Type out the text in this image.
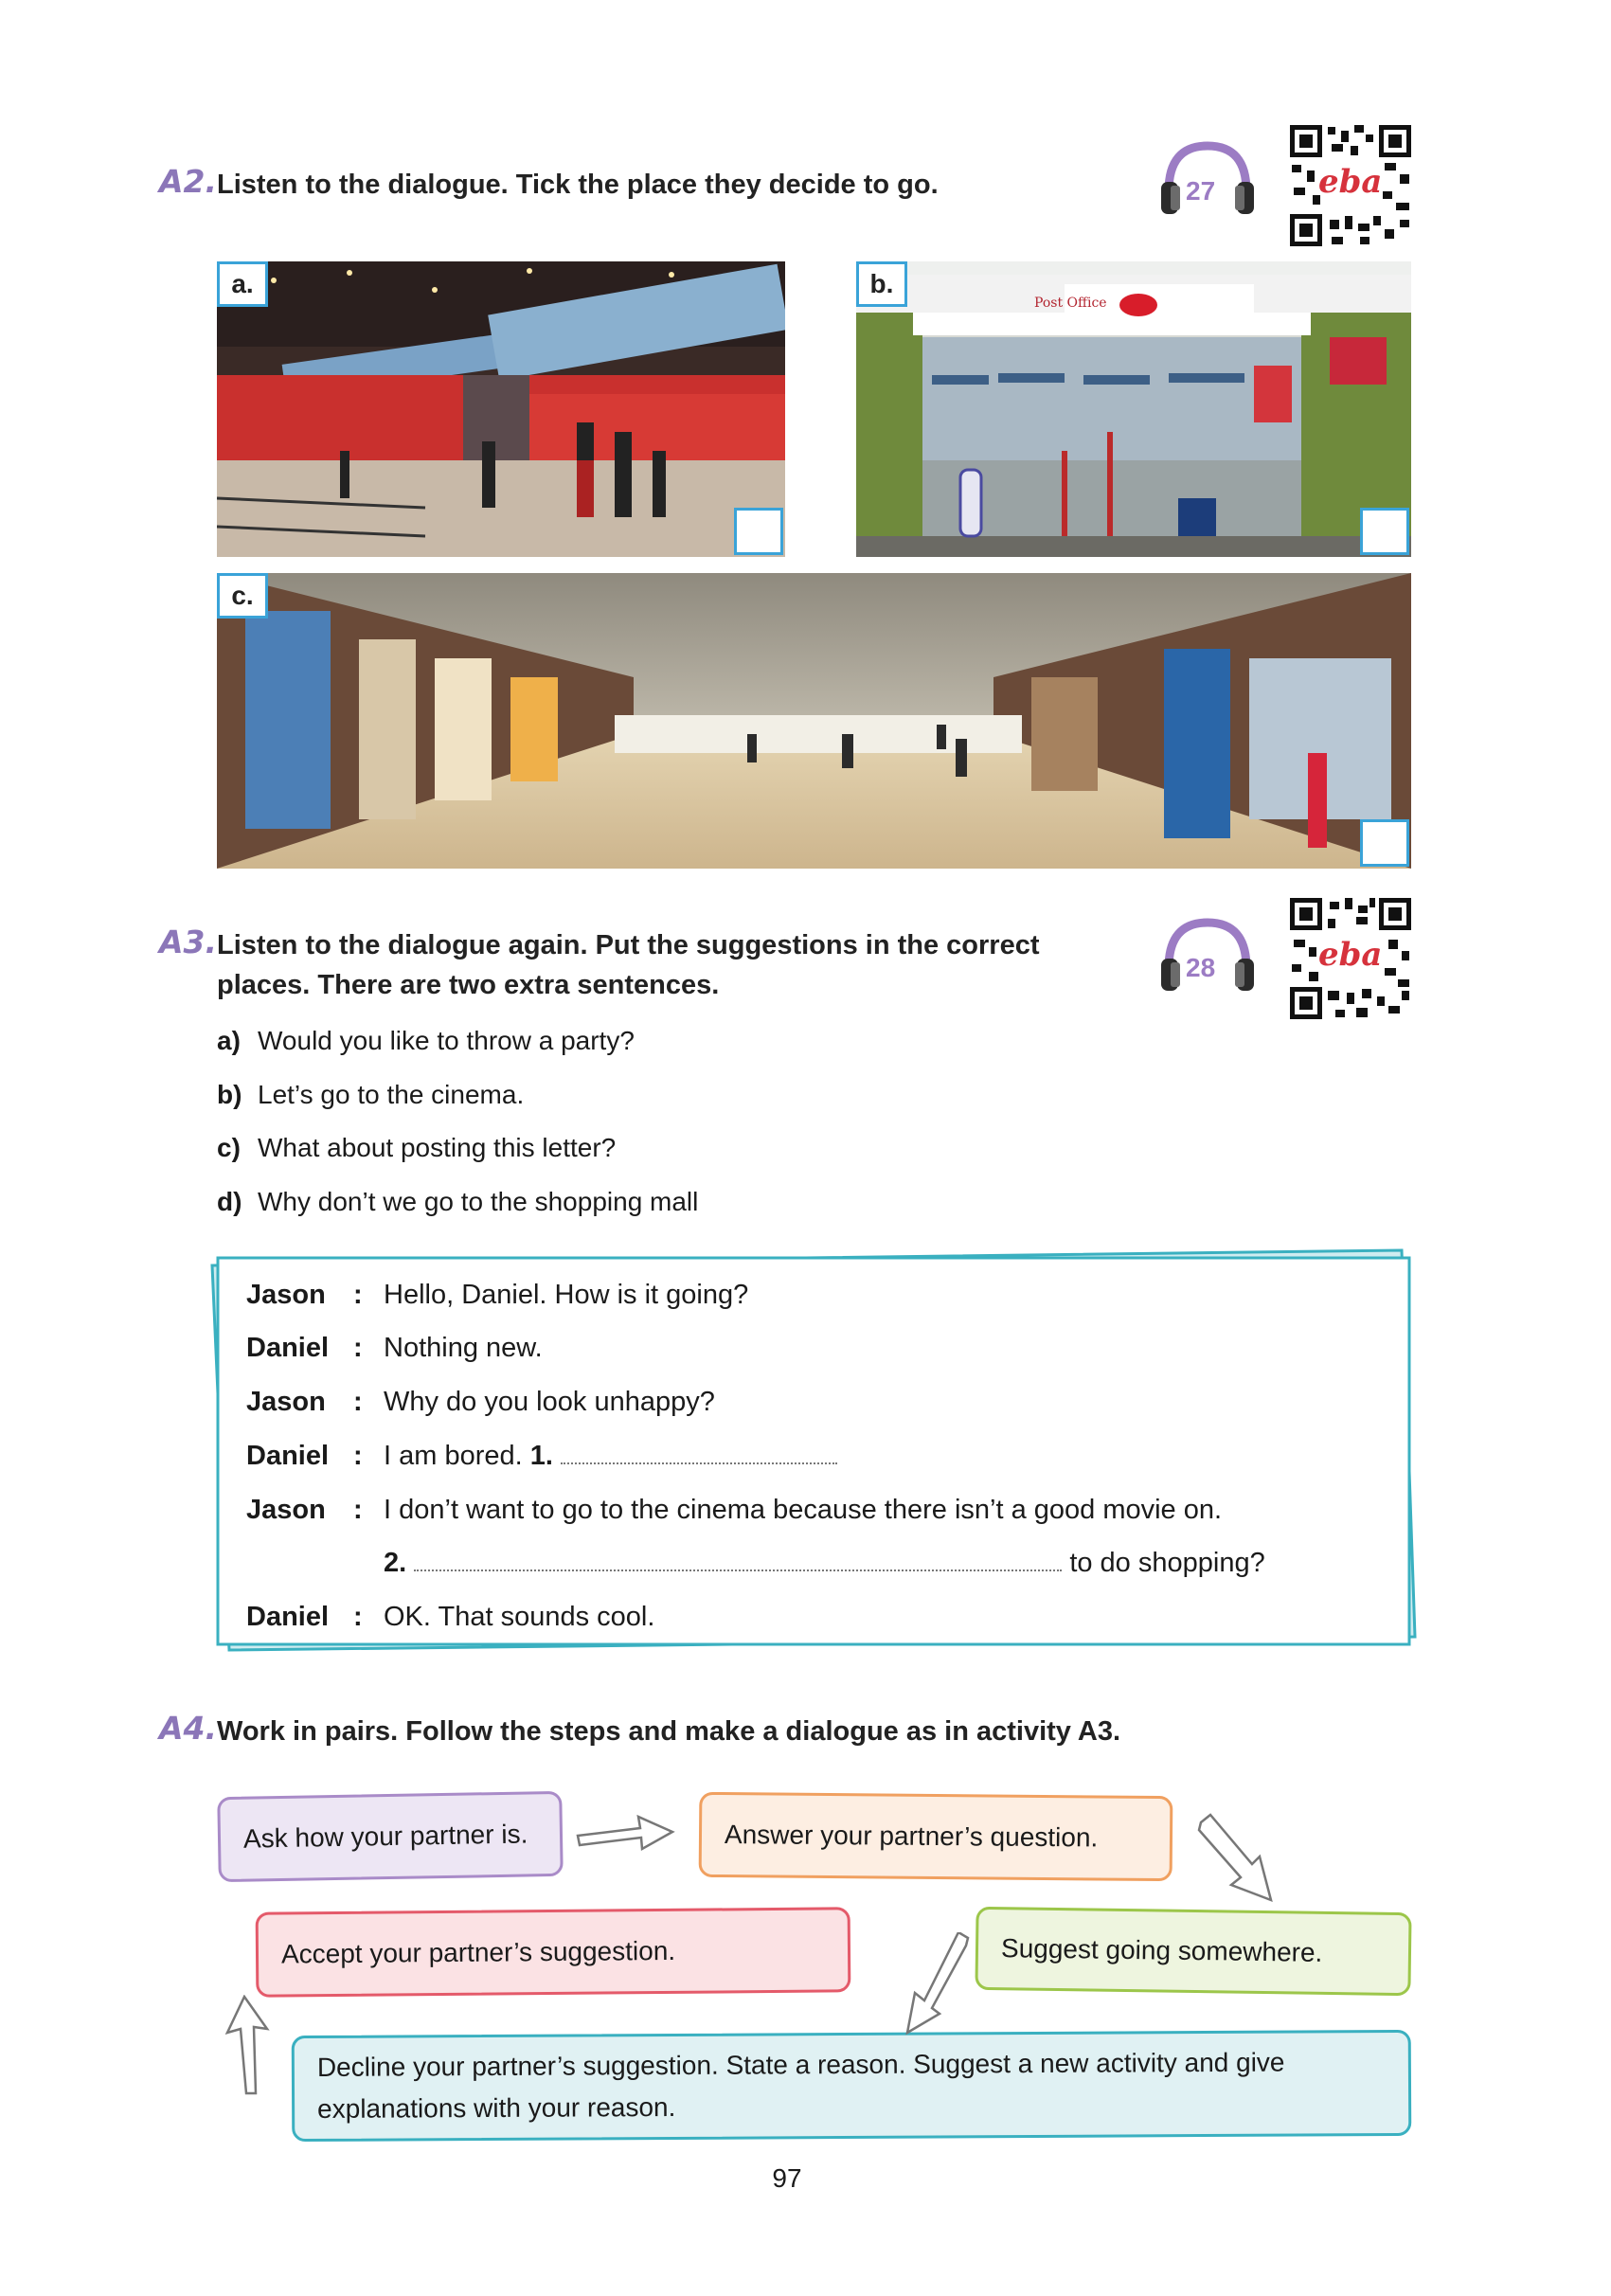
A2. Listen to the dialogue. Tick the place they decide to go.	27	eba
a.
Post Office
b.
c.
A3. Listen to the dialogue again. Put the suggestions in the correct
places. There are two extra sentences.
28	eba
a) Would you like to throw a party?
b) Let’s go to the cinema.
c) What about posting this letter?
d) Why don’t we go to the shopping mall
Jason : Hello, Daniel. How is it going?
Daniel : Nothing new.
Jason : Why do you look unhappy?
Daniel : I am bored. 1.
Jason : I don’t want to go to the cinema because there isn’t a good movie on.
2.	to do shopping?
Daniel : OK. That sounds cool.
A4. Work in pairs. Follow the steps and make a dialogue as in activity A3.
Ask how your partner is.	Answer your partner’s question.
Suggest going somewhere.
Accept your partner’s suggestion.
Decline your partner’s suggestion. State a reason. Suggest a new activity and give
explanations with your reason.
97
